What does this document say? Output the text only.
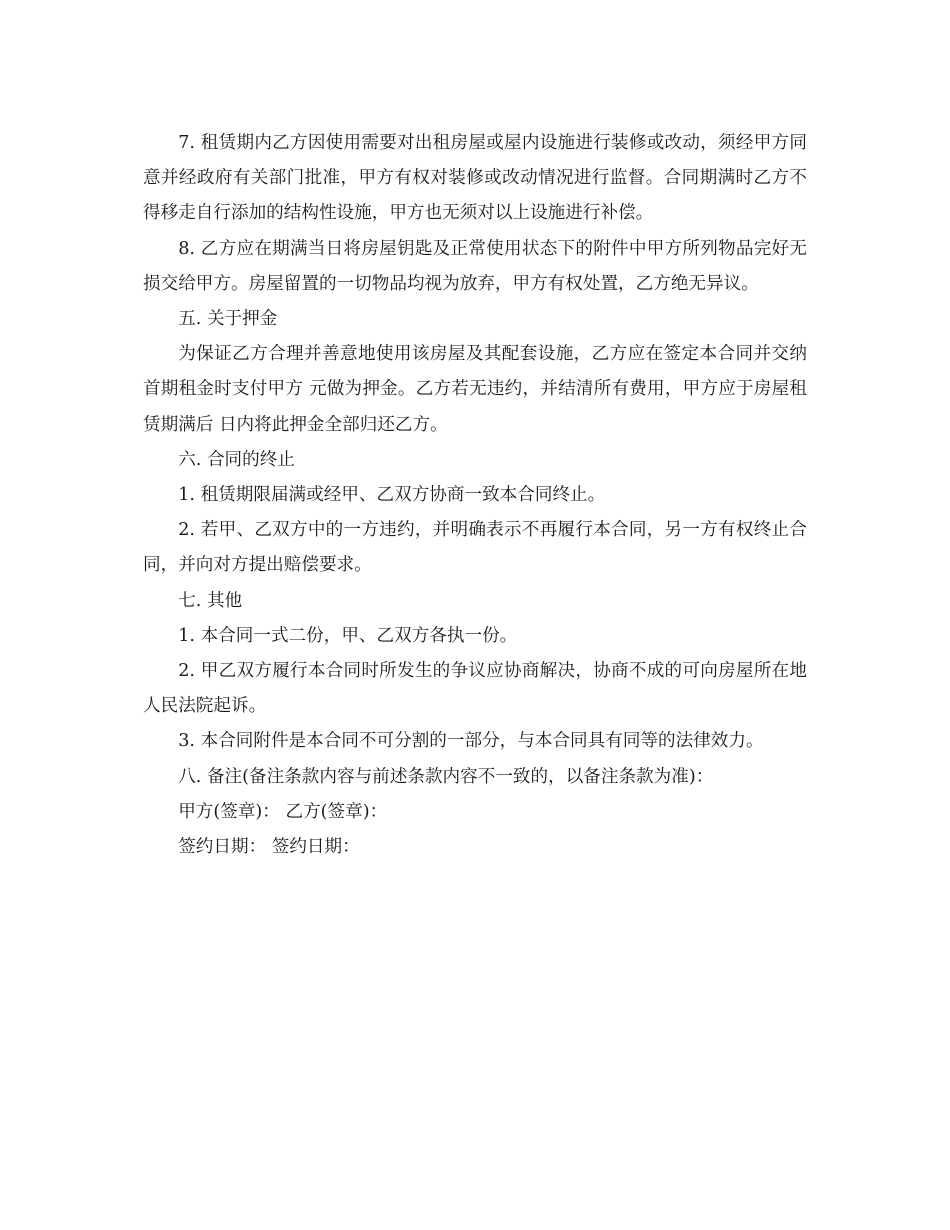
7. 租赁期内乙方因使用需要对出租房屋或屋内设施进行装修或改动，须经甲方同意并经政府有关部门批准，甲方有权对装修或改动情况进行监督。合同期满时乙方不得移走自行添加的结构性设施，甲方也无须对以上设施进行补偿。

8. 乙方应在期满当日将房屋钥匙及正常使用状态下的附件中甲方所列物品完好无损交给甲方。房屋留置的一切物品均视为放弃，甲方有权处置，乙方绝无异议。

五. 关于押金

为保证乙方合理并善意地使用该房屋及其配套设施，乙方应在签定本合同并交纳首期租金时支付甲方 元做为押金。乙方若无违约，并结清所有费用，甲方应于房屋租赁期满后 日内将此押金全部归还乙方。

六. 合同的终止

1. 租赁期限届满或经甲、乙双方协商一致本合同终止。

2. 若甲、乙双方中的一方违约，并明确表示不再履行本合同，另一方有权终止合同，并向对方提出赔偿要求。

七. 其他

1. 本合同一式二份，甲、乙双方各执一份。

2. 甲乙双方履行本合同时所发生的争议应协商解决，协商不成的可向房屋所在地人民法院起诉。

3. 本合同附件是本合同不可分割的一部分，与本合同具有同等的法律效力。

八. 备注(备注条款内容与前述条款内容不一致的，以备注条款为准)：

甲方(签章)： 乙方(签章)：

签约日期： 签约日期：
